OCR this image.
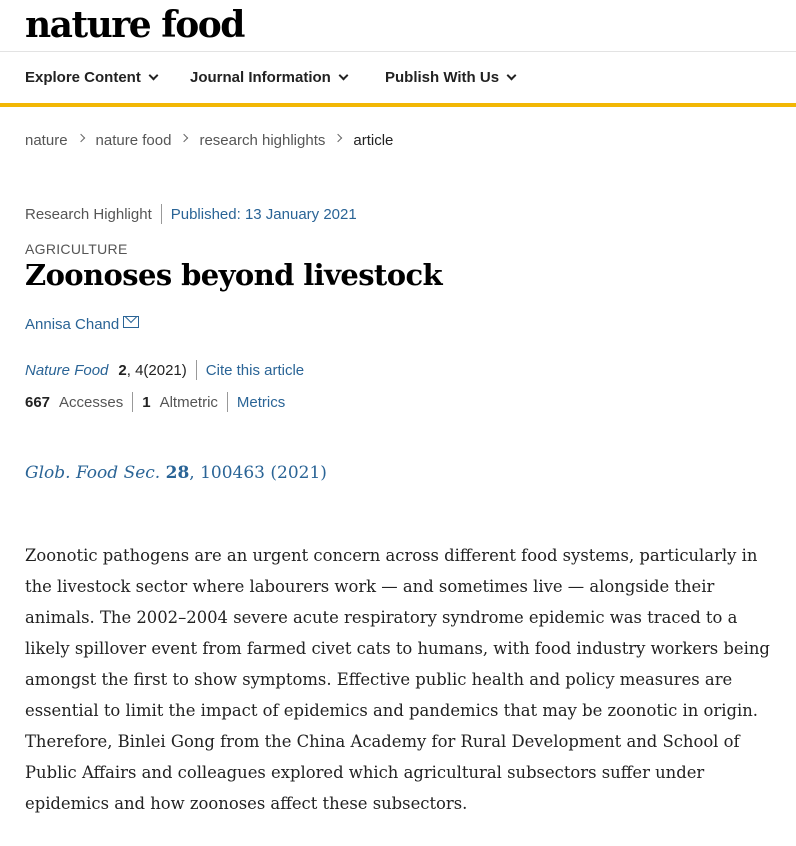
nature food
Explore Content	Journal Information	Publish With Us
nature nature food research highlights article
Research Highlight Published: 13 January 2021
AGRICULTURE
Zoonoses beyond livestock
Annisa Chand
Nature Food 2 , 4(2021) Cite this article
667 Accesses 1 Altmetric Metrics
Glob. Food Sec. 28, 100463 (2021)

Zoonotic pathogens are an urgent concern across different food systems, particularly in the livestock sector where labourers work — and sometimes live — alongside their animals. The 2002–2004 severe acute respiratory syndrome epidemic was traced to a likely spillover event from farmed civet cats to humans, with food industry workers being amongst the first to show symptoms. Effective public health and policy measures are essential to limit the impact of epidemics and pandemics that may be zoonotic in origin. Therefore, Binlei Gong from the China Academy for Rural Development and School of Public Affairs and colleagues explored which agricultural subsectors suffer under epidemics and how zoonoses affect these subsectors.
